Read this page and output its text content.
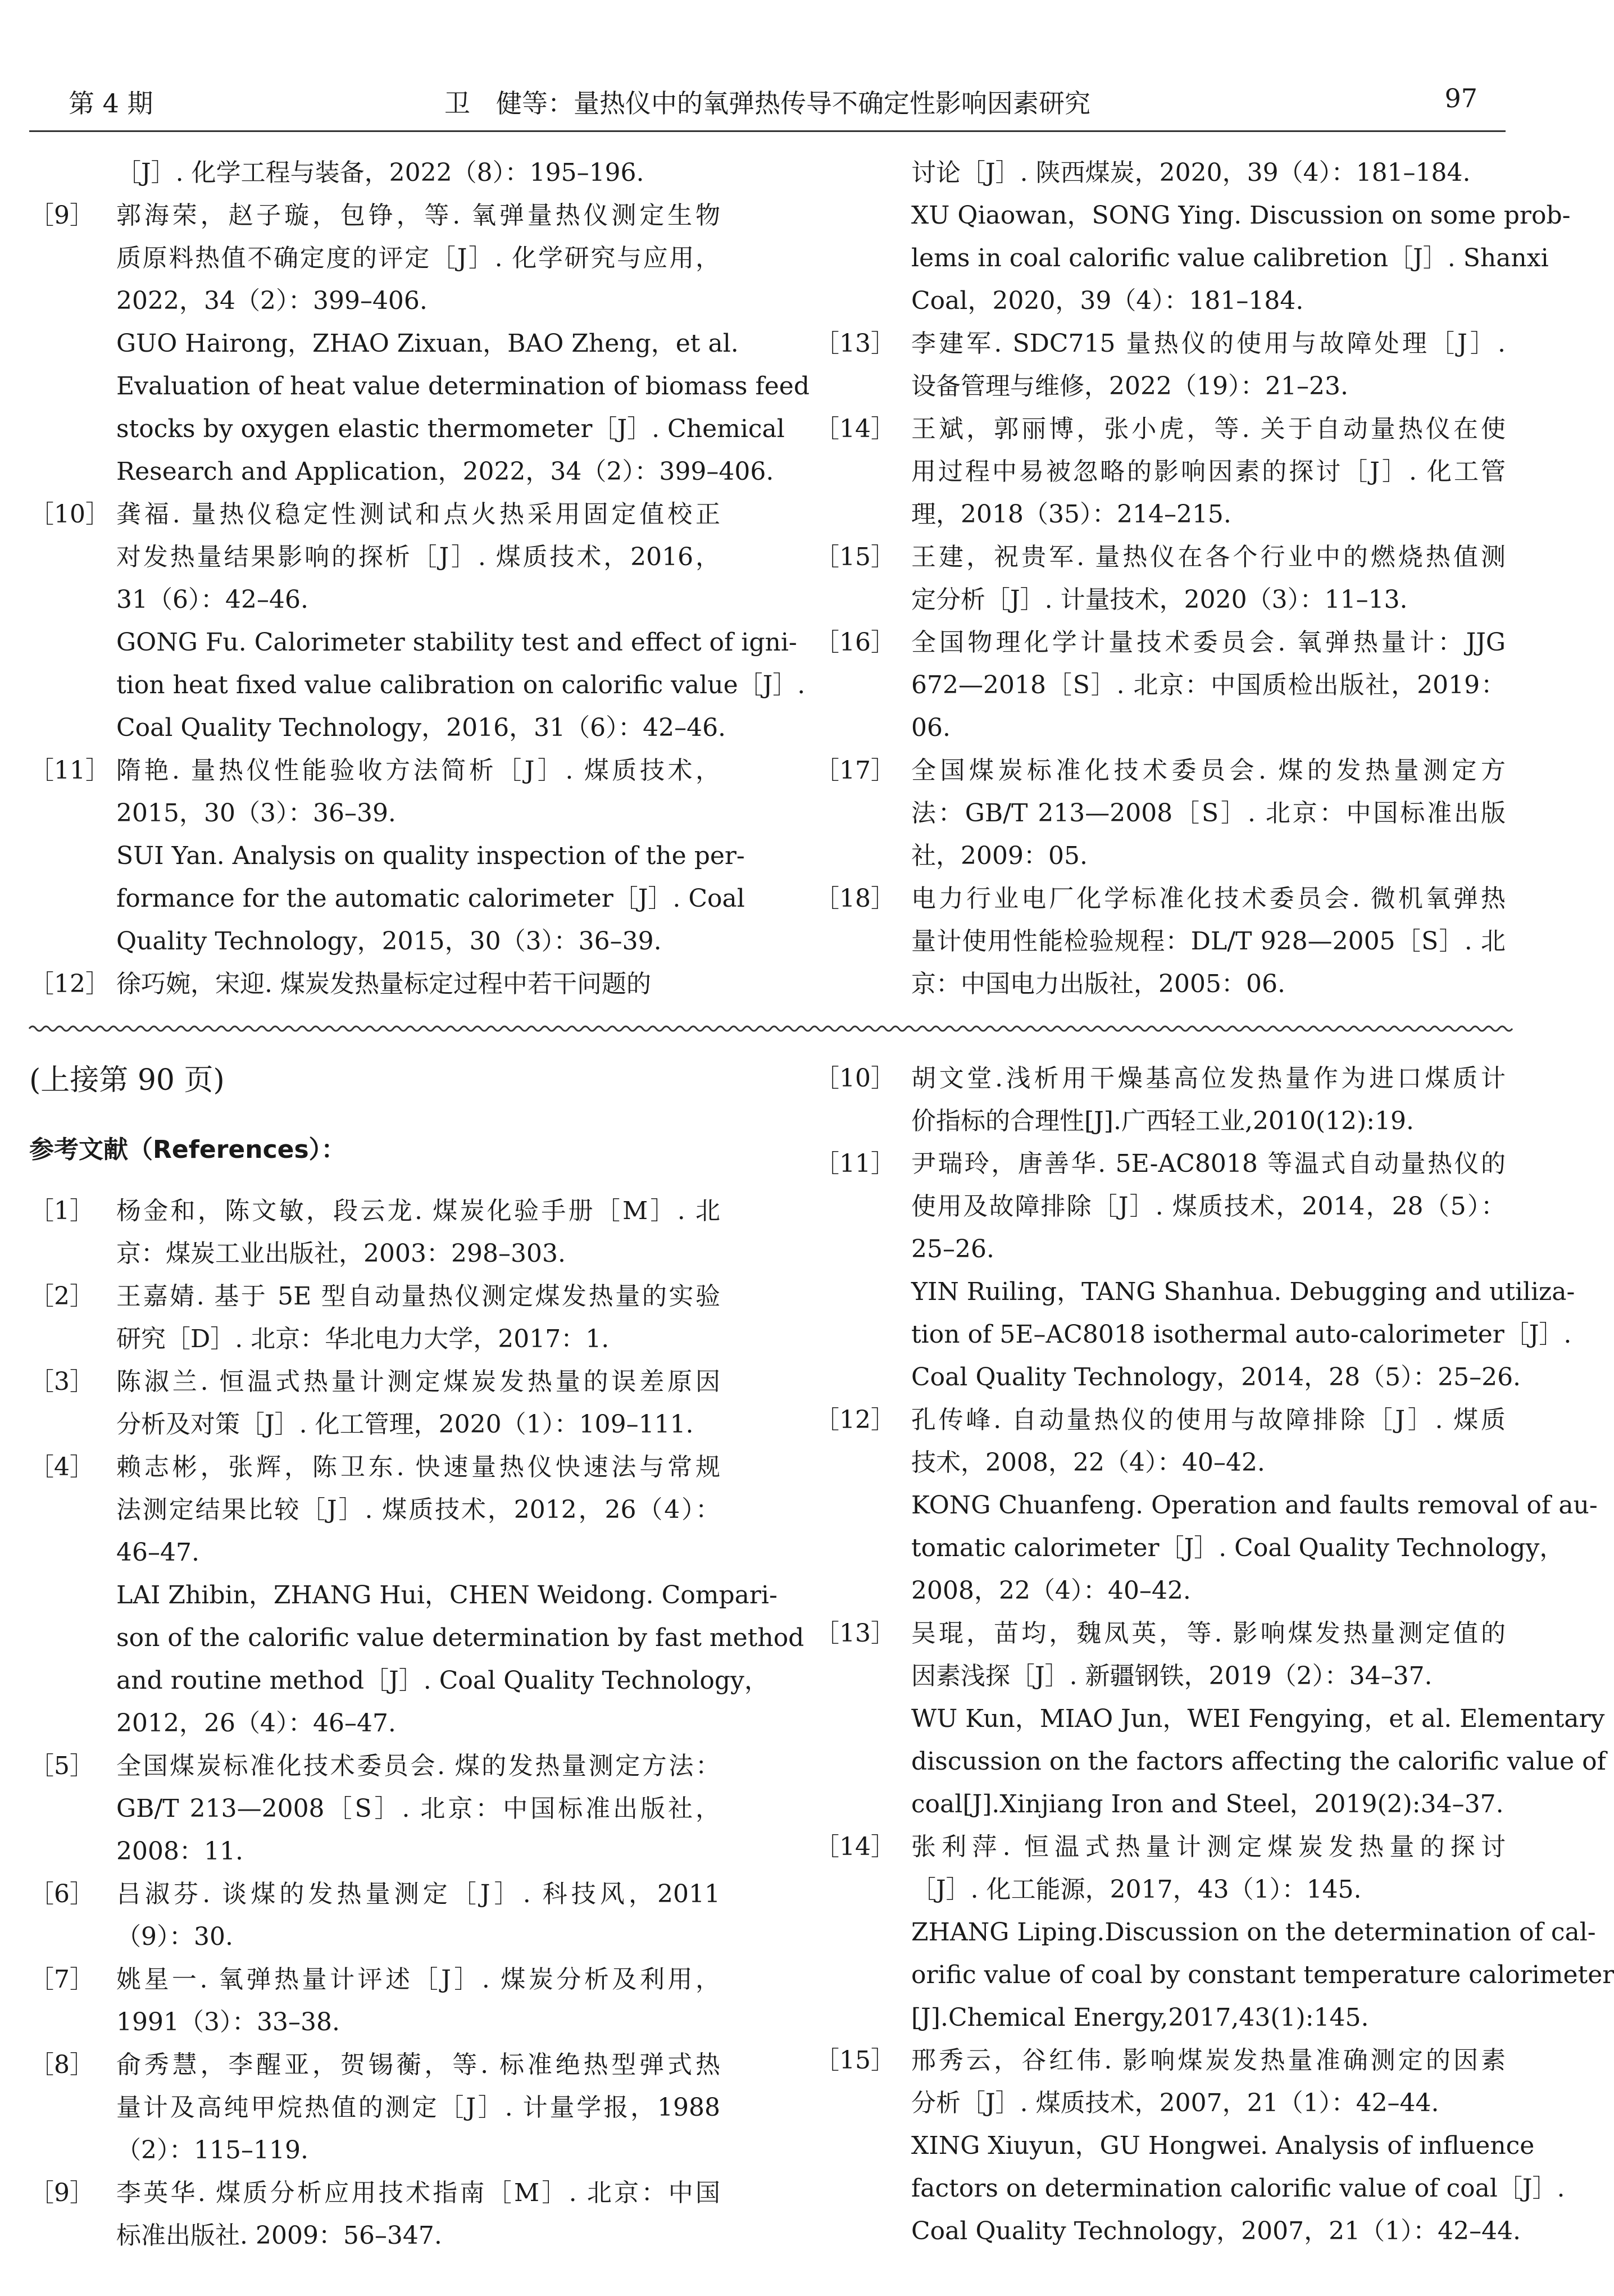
第 4 期	卫　健等：量热仪中的氧弹热传导不确定性影响因素研究	97
［J］. 化学工程与装备，2022（8）：195–196.
［9］ 郭海荣，赵子璇，包铮，等. 氧弹量热仪测定生物
质原料热值不确定度的评定［J］. 化学研究与应用，
2022，34（2）：399–406.
GUO Hairong，ZHAO Zixuan，BAO Zheng，et al.
Evaluation of heat value determination of biomass feed
stocks by oxygen elastic thermometer［J］. Chemical
Research and Application，2022，34（2）：399–406.
［10］ 龚福. 量热仪稳定性测试和点火热采用固定值校正
对发热量结果影响的探析［J］. 煤质技术，2016，
31（6）：42–46.
GONG Fu. Calorimeter stability test and effect of igni-
tion heat fixed value calibration on calorific value［J］.
Coal Quality Technology，2016，31（6）：42–46.
［11］ 隋艳. 量热仪性能验收方法简析［J］. 煤质技术，
2015，30（3）：36–39.
SUI Yan. Analysis on quality inspection of the per-
formance for the automatic calorimeter［J］. Coal
Quality Technology，2015，30（3）：36–39.
［12］ 徐巧婉，宋迎. 煤炭发热量标定过程中若干问题的
讨论［J］. 陕西煤炭，2020，39（4）：181–184.
XU Qiaowan，SONG Ying. Discussion on some prob-
lems in coal calorific value calibretion［J］. Shanxi
Coal，2020，39（4）：181–184.
［13］ 李建军. SDC715 量热仪的使用与故障处理［J］.
设备管理与维修，2022（19）：21–23.
［14］ 王斌，郭丽博，张小虎，等. 关于自动量热仪在使
用过程中易被忽略的影响因素的探讨［J］. 化工管
理，2018（35）：214–215.
［15］ 王建，祝贵军. 量热仪在各个行业中的燃烧热值测
定分析［J］. 计量技术，2020（3）：11–13.
［16］ 全国物理化学计量技术委员会. 氧弹热量计：JJG
672—2018［S］. 北京：中国质检出版社，2019：
06.
［17］ 全国煤炭标准化技术委员会. 煤的发热量测定方
法：GB/T 213—2008［S］. 北京：中国标准出版
社，2009：05.
［18］ 电力行业电厂化学标准化技术委员会. 微机氧弹热
量计使用性能检验规程：DL/T 928—2005［S］. 北
京：中国电力出版社，2005：06.
(上接第 90 页)
参考文献（References）：
［1］ 杨金和，陈文敏，段云龙. 煤炭化验手册［M］. 北
京：煤炭工业出版社，2003：298–303.
［2］ 王嘉婧. 基于 5E 型自动量热仪测定煤发热量的实验
研究［D］. 北京：华北电力大学，2017：1.
［3］ 陈淑兰. 恒温式热量计测定煤炭发热量的误差原因
分析及对策［J］. 化工管理，2020（1）：109–111.
［4］ 赖志彬，张辉，陈卫东. 快速量热仪快速法与常规
法测定结果比较［J］. 煤质技术，2012，26（4）：
46–47.
LAI Zhibin，ZHANG Hui，CHEN Weidong. Compari-
son of the calorific value determination by fast method
and routine method［J］. Coal Quality Technology，
2012，26（4）：46–47.
［5］ 全国煤炭标准化技术委员会. 煤的发热量测定方法：
GB/T 213—2008［S］. 北京：中国标准出版社，
2008：11.
［6］ 吕淑芬. 谈煤的发热量测定［J］. 科技风，2011
（9）：30.
［7］ 姚星一. 氧弹热量计评述［J］. 煤炭分析及利用，
1991（3）：33–38.
［8］ 俞秀慧，李醒亚，贺锡蘅，等. 标准绝热型弹式热
量计及高纯甲烷热值的测定［J］. 计量学报，1988
（2）：115–119.
［9］ 李英华. 煤质分析应用技术指南［M］. 北京：中国
标准出版社. 2009：56–347.
［10］ 胡文堂.浅析用干燥基高位发热量作为进口煤质计
价指标的合理性[J].广西轻工业,2010(12):19.
［11］ 尹瑞玲，唐善华. 5E-AC8018 等温式自动量热仪的
使用及故障排除［J］. 煤质技术，2014，28（5）：
25–26.
YIN Ruiling，TANG Shanhua. Debugging and utiliza-
tion of 5E–AC8018 isothermal auto-calorimeter［J］.
Coal Quality Technology，2014，28（5）：25–26.
［12］ 孔传峰. 自动量热仪的使用与故障排除［J］. 煤质
技术，2008，22（4）：40–42.
KONG Chuanfeng. Operation and faults removal of au-
tomatic calorimeter［J］. Coal Quality Technology，
2008，22（4）：40–42.
［13］ 吴琨，苗均，魏凤英，等. 影响煤发热量测定值的
因素浅探［J］. 新疆钢铁，2019（2）：34–37.
WU Kun，MIAO Jun，WEI Fengying，et al. Elementary
discussion on the factors affecting the calorific value of
coal[J].Xinjiang Iron and Steel，2019(2):34–37.
［14］ 张利萍. 恒温式热量计测定煤炭发热量的探讨
［J］. 化工能源，2017，43（1）：145.
ZHANG Liping.Discussion on the determination of cal-
orific value of coal by constant temperature calorimeter
[J].Chemical Energy,2017,43(1):145.
［15］ 邢秀云，谷红伟. 影响煤炭发热量准确测定的因素
分析［J］. 煤质技术，2007，21（1）：42–44.
XING Xiuyun，GU Hongwei. Analysis of influence
factors on determination calorific value of coal［J］.
Coal Quality Technology，2007，21（1）：42–44.
